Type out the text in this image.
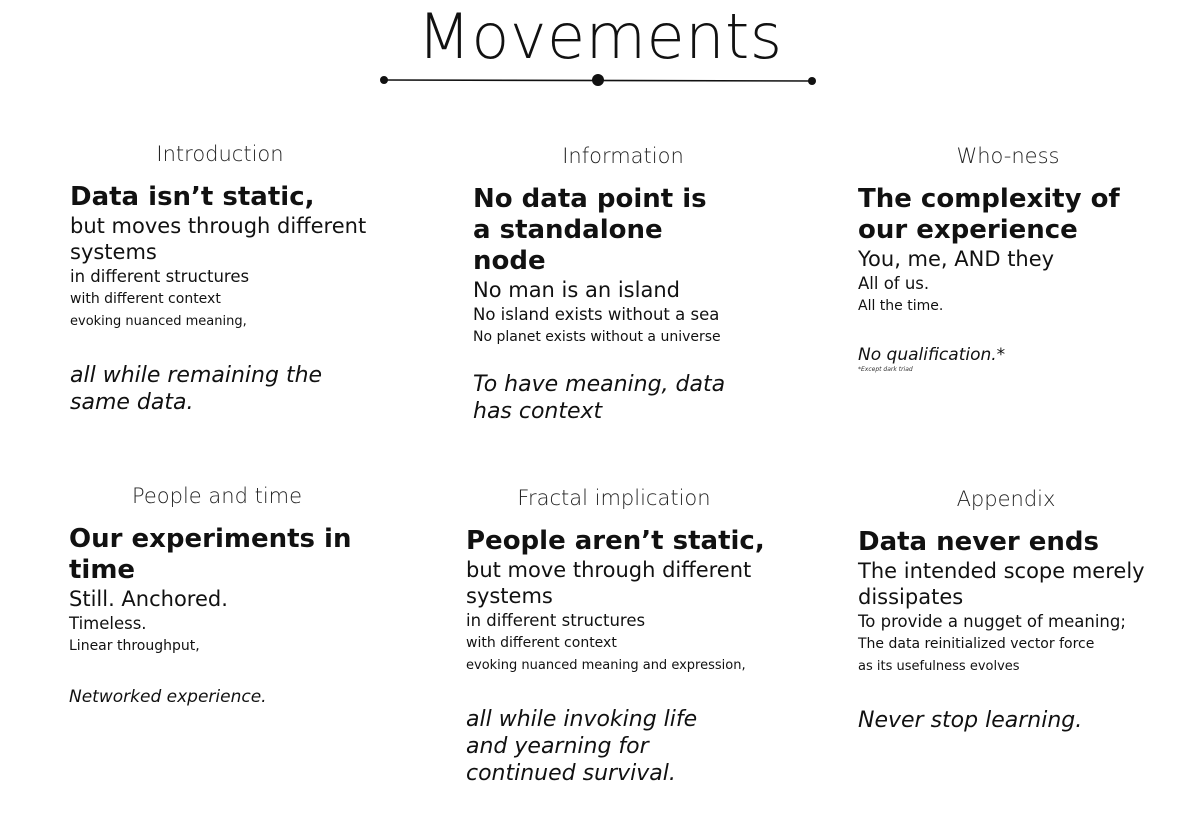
Movements
Introduction
Data isn’t static,
but moves through different systems
in different structures
with different context
evoking nuanced meaning,
all while remaining the same data.
Information
No data point is a standalone node
No man is an island
No island exists without a sea
No planet exists without a universe
To have meaning, data has context
Who-ness
The complexity of our experience
You, me, AND they
All of us.
All the time.
No qualification.*
*Except dark triad
People and time
Our experiments in time
Still. Anchored.
Timeless.
Linear throughput,
Networked experience.
Fractal implication
People aren’t static,
but move through different systems
in different structures
with different context
evoking nuanced meaning and expression,
all while invoking life and yearning for continued survival.
Appendix
Data never ends
The intended scope merely dissipates
To provide a nugget of meaning;
The data reinitialized vector force
as its usefulness evolves
Never stop learning.
